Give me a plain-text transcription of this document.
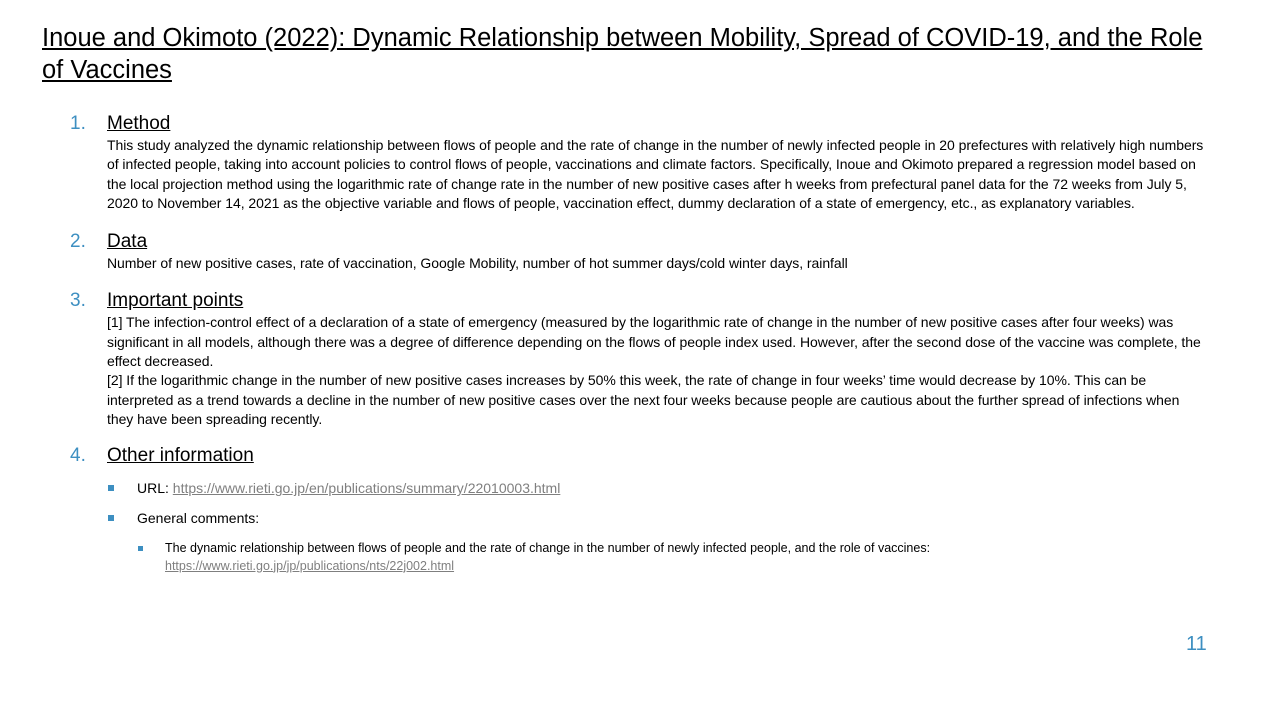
Inoue and Okimoto (2022): Dynamic Relationship between Mobility, Spread of COVID-19, and the Role of Vaccines
1. Method

This study analyzed the dynamic relationship between flows of people and the rate of change in the number of newly infected people in 20 prefectures with relatively high numbers of infected people, taking into account policies to control flows of people, vaccinations and climate factors. Specifically, Inoue and Okimoto prepared a regression model based on the local projection method using the logarithmic rate of change rate in the number of new positive cases after h weeks from prefectural panel data for the 72 weeks from July 5, 2020 to November 14, 2021 as the objective variable and flows of people, vaccination effect, dummy declaration of a state of emergency, etc., as explanatory variables.

2. Data

Number of new positive cases, rate of vaccination, Google Mobility, number of hot summer days/cold winter days, rainfall

3. Important points

[1] The infection-control effect of a declaration of a state of emergency (measured by the logarithmic rate of change in the number of new positive cases after four weeks) was significant in all models, although there was a degree of difference depending on the flows of people index used. However, after the second dose of the vaccine was complete, the effect decreased.

[2] If the logarithmic change in the number of new positive cases increases by 50% this week, the rate of change in four weeks’ time would decrease by 10%. This can be interpreted as a trend towards a decline in the number of new positive cases over the next four weeks because people are cautious about the further spread of infections when they have been spreading recently.

4. Other information
URL: https://www.rieti.go.jp/en/publications/summary/22010003.html
General comments:
The dynamic relationship between flows of people and the rate of change in the number of newly infected people, and the role of vaccines:
https://www.rieti.go.jp/jp/publications/nts/22j002.html
11
